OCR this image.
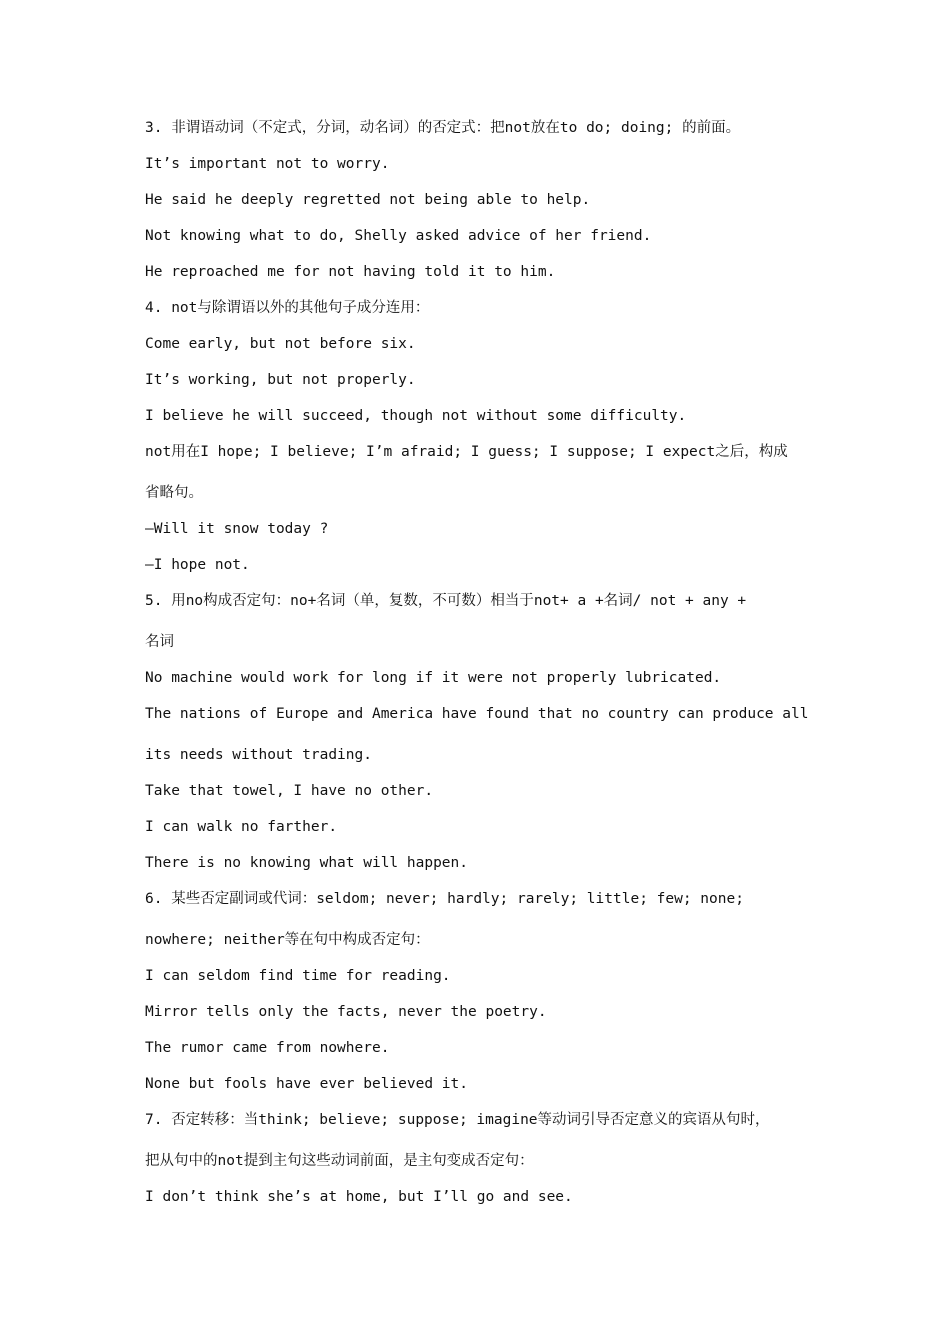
3. 非谓语动词（不定式，分词，动名词）的否定式：把not放在to do; doing; 的前面。
It’s important not to worry.
He said he deeply regretted not being able to help.
Not knowing what to do, Shelly asked advice of her friend.
He reproached me for not having told it to him.
4. not与除谓语以外的其他句子成分连用：
Come early, but not before six.
It’s working, but not properly.
I believe he will succeed, though not without some difficulty.
not用在I hope; I believe; I’m afraid; I guess; I suppose; I expect之后，构成
省略句。
—Will it snow today ?
—I hope not.
5. 用no构成否定句：no+名词（单，复数，不可数）相当于not+ a +名词/ not + any +
名词
No machine would work for long if it were not properly lubricated.
The nations of Europe and America have found that no country can produce all
its needs without trading.
Take that towel, I have no other.
I can walk no farther.
There is no knowing what will happen.
6. 某些否定副词或代词：seldom; never; hardly; rarely; little; few; none;
nowhere; neither等在句中构成否定句：
I can seldom find time for reading.
Mirror tells only the facts, never the poetry.
The rumor came from nowhere.
None but fools have ever believed it.
7. 否定转移：当think; believe; suppose; imagine等动词引导否定意义的宾语从句时，
把从句中的not提到主句这些动词前面，是主句变成否定句：
I don’t think she’s at home, but I’ll go and see.
